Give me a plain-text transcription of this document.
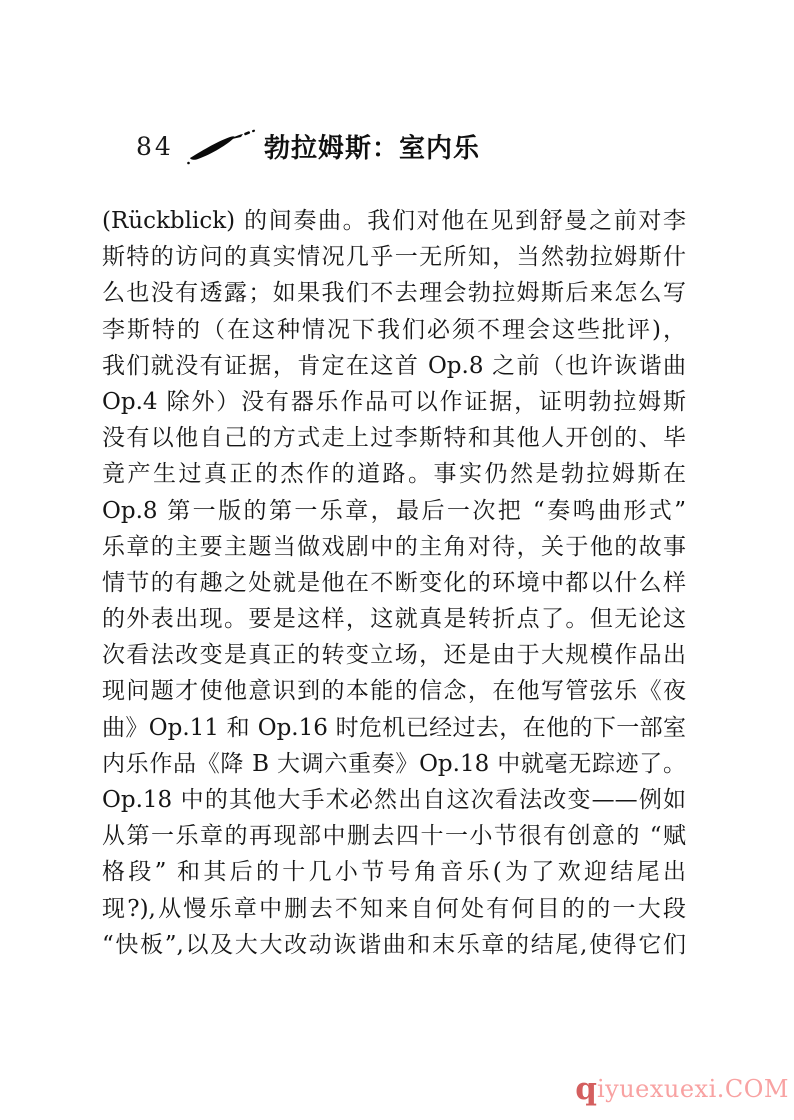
84	勃拉姆斯：室内乐
(Rückblick) 的间奏曲。我们对他在见到舒曼之前对李
斯特的访问的真实情况几乎一无所知，当然勃拉姆斯什
么也没有透露；如果我们不去理会勃拉姆斯后来怎么写
李斯特的（在这种情况下我们必须不理会这些批评)，
我们就没有证据，肯定在这首 Op.8 之前（也许诙谐曲
Op.4 除外）没有器乐作品可以作证据，证明勃拉姆斯
没有以他自己的方式走上过李斯特和其他人开创的、毕
竟产生过真正的杰作的道路。事实仍然是勃拉姆斯在
Op.8 第一版的第一乐章，最后一次把 “奏鸣曲形式”
乐章的主要主题当做戏剧中的主角对待，关于他的故事
情节的有趣之处就是他在不断变化的环境中都以什么样
的外表出现。要是这样，这就真是转折点了。但无论这
次看法改变是真正的转变立场，还是由于大规模作品出
现问题才使他意识到的本能的信念，在他写管弦乐《夜
曲》Op.11 和 Op.16 时危机已经过去，在他的下一部室
内乐作品《降 B 大调六重奏》Op.18 中就毫无踪迹了。
Op.18 中的其他大手术必然出自这次看法改变——例如
从第一乐章的再现部中删去四十一小节很有创意的 “赋
格段” 和其后的十几小节号角音乐(为了欢迎结尾出
现?),从慢乐章中删去不知来自何处有何目的的一大段
“快板”,以及大大改动诙谐曲和末乐章的结尾,使得它们
qiyuexuexi.COM
